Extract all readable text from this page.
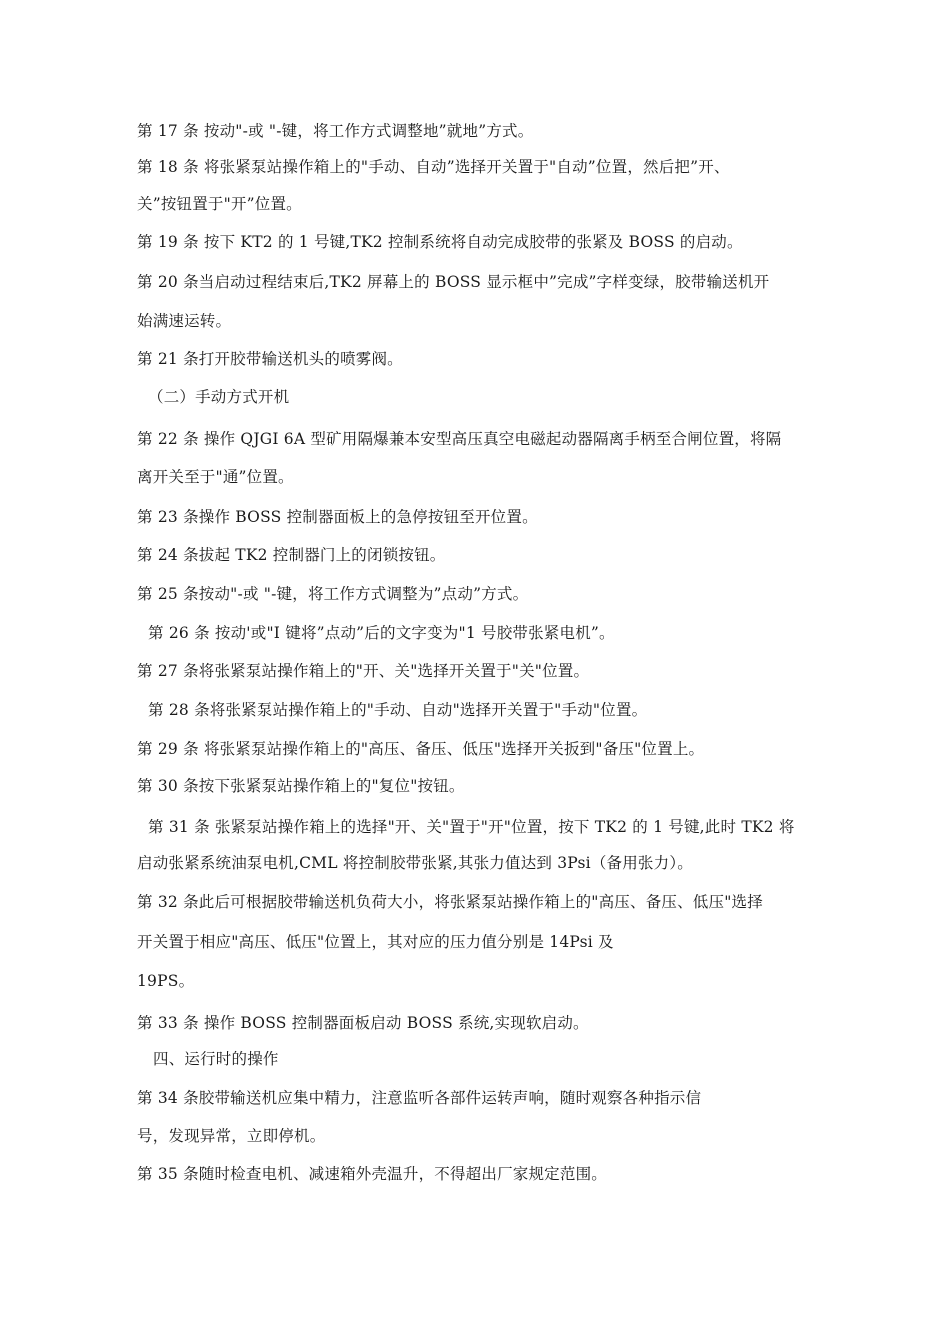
第 17 条 按动"-或 "-键，将工作方式调整地”就地”方式。
第 18 条 将张紧泵站操作箱上的"手动、自动”选择开关置于"自动”位置，然后把”开、
关”按钮置于"开”位置。
第 19 条 按下 KT2 的 1 号键,TK2 控制系统将自动完成胶带的张紧及 BOSS 的启动。
第 20 条当启动过程结束后,TK2 屏幕上的 BOSS 显示框中”完成”字样变绿，胶带输送机开
始满速运转。
第 21 条打开胶带输送机头的喷雾阀。
（二）手动方式开机
第 22 条 操作 QJGI 6A 型矿用隔爆兼本安型高压真空电磁起动器隔离手柄至合闸位置，将隔
离开关至于"通”位置。
第 23 条操作 BOSS 控制器面板上的急停按钮至开位置。
第 24 条拔起 TK2 控制器门上的闭锁按钮。
第 25 条按动"-或 "-键，将工作方式调整为”点动”方式。
第 26 条 按动'或"I 键将”点动”后的文字变为"1 号胶带张紧电机”。
第 27 条将张紧泵站操作箱上的"开、关"选择开关置于"关"位置。
第 28 条将张紧泵站操作箱上的"手动、自动"选择开关置于"手动"位置。
第 29 条 将张紧泵站操作箱上的"高压、备压、低压"选择开关扳到"备压"位置上。
第 30 条按下张紧泵站操作箱上的"复位"按钮。
第 31 条 张紧泵站操作箱上的选择"开、关"置于"开"位置，按下 TK2 的 1 号键,此时 TK2 将
启动张紧系统油泵电机,CML 将控制胶带张紧,其张力值达到 3Psi（备用张力）。
第 32 条此后可根据胶带输送机负荷大小，将张紧泵站操作箱上的"高压、备压、低压"选择
开关置于相应"高压、低压"位置上，其对应的压力值分别是 14Psi 及
19PS。
第 33 条 操作 BOSS 控制器面板启动 BOSS 系统,实现软启动。
四、运行时的操作
第 34 条胶带输送机应集中精力，注意监听各部件运转声响，随时观察各种指示信
号，发现异常，立即停机。
第 35 条随时检查电机、减速箱外壳温升，不得超出厂家规定范围。
